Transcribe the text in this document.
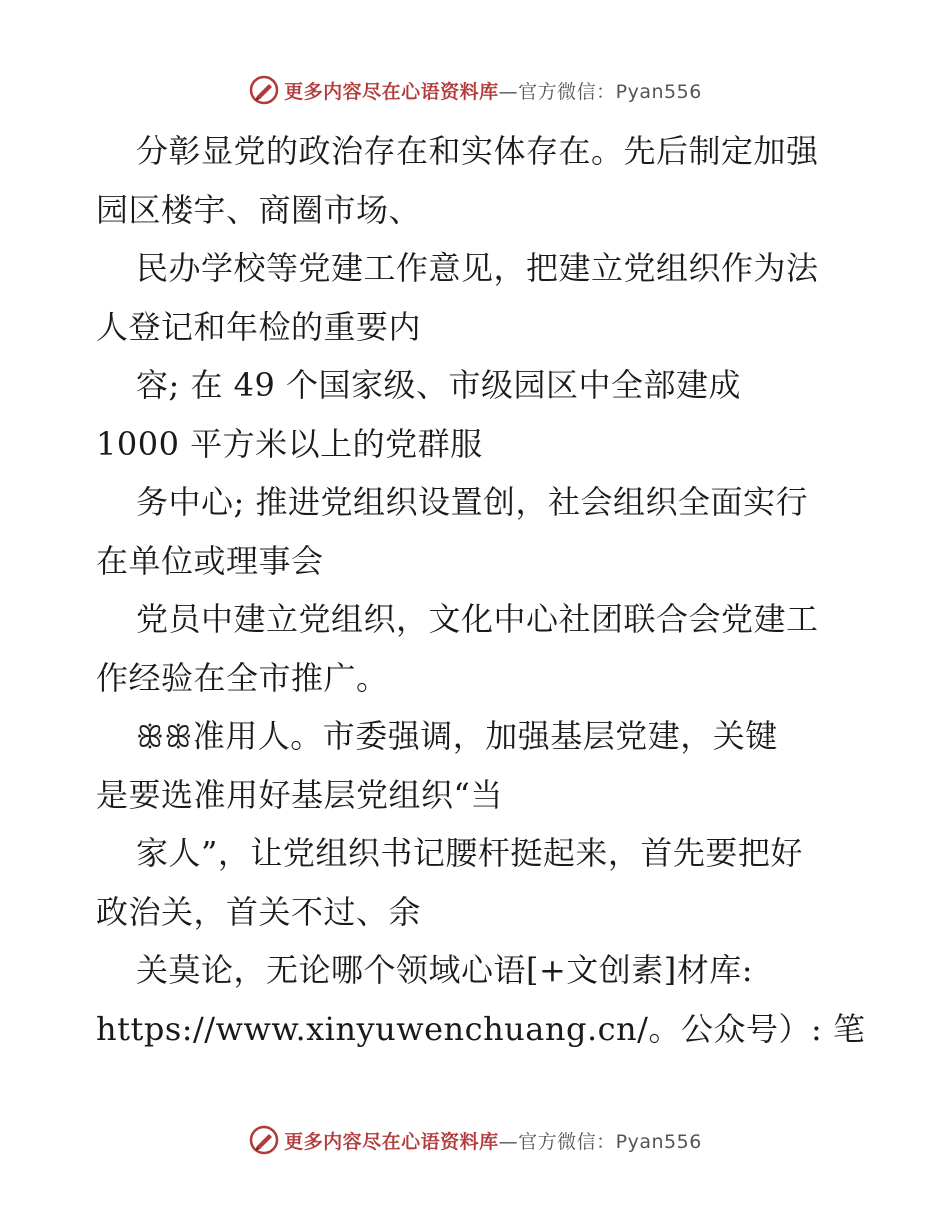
更多内容尽在心语资料库—官方微信：Pyan556
分彰显党的政治存在和实体存在。先后制定加强
园区楼宇、商圈市场、
民办学校等党建工作意见，把建立党组织作为法
人登记和年检的重要内
容; 在 49 个国家级、市级园区中全部建成
1000 平方米以上的党群服
务中心; 推进党组织设置创，社会组织全面实行
在单位或理事会
党员中建立党组织，文化中心社团联合会党建工
作经验在全市推广。
ꕥꕥ准用人。市委强调，加强基层党建，关键
是要选准用好基层党组织“当
家人”，让党组织书记腰杆挺起来，首先要把好
政治关，首关不过、余
关莫论，无论哪个领域心语[+文创素]材库:
https://www.xinyuwenchuang.cn/。公众号）: 笔
更多内容尽在心语资料库—官方微信：Pyan556
